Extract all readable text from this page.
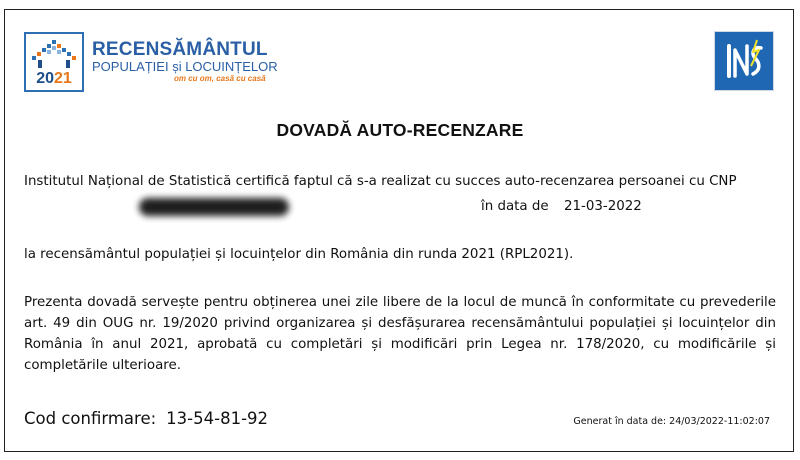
2021
RECENSĂMÂNTUL
POPULAȚIEI și LOCUINȚELOR
om cu om, casă cu casă
DOVADĂ AUTO-RECENZARE
Institutul Național de Statistică certifică faptul că s-a realizat cu succes auto-recenzarea persoanei cu CNP
în data de 21-03-2022
la recensământul populației și locuințelor din România din runda 2021 (RPL2021).
Prezenta dovadă servește pentru obținerea unei zile libere de la locul de muncă în conformitate cu prevederile art. 49 din OUG nr. 19/2020 privind organizarea și desfășurarea recensământului populației și locuințelor din România în anul 2021, aprobată cu completări și modificări prin Legea nr. 178/2020, cu modificările și completările ulterioare.
Cod confirmare: 13-54-81-92	Generat în data de: 24/03/2022-11:02:07
